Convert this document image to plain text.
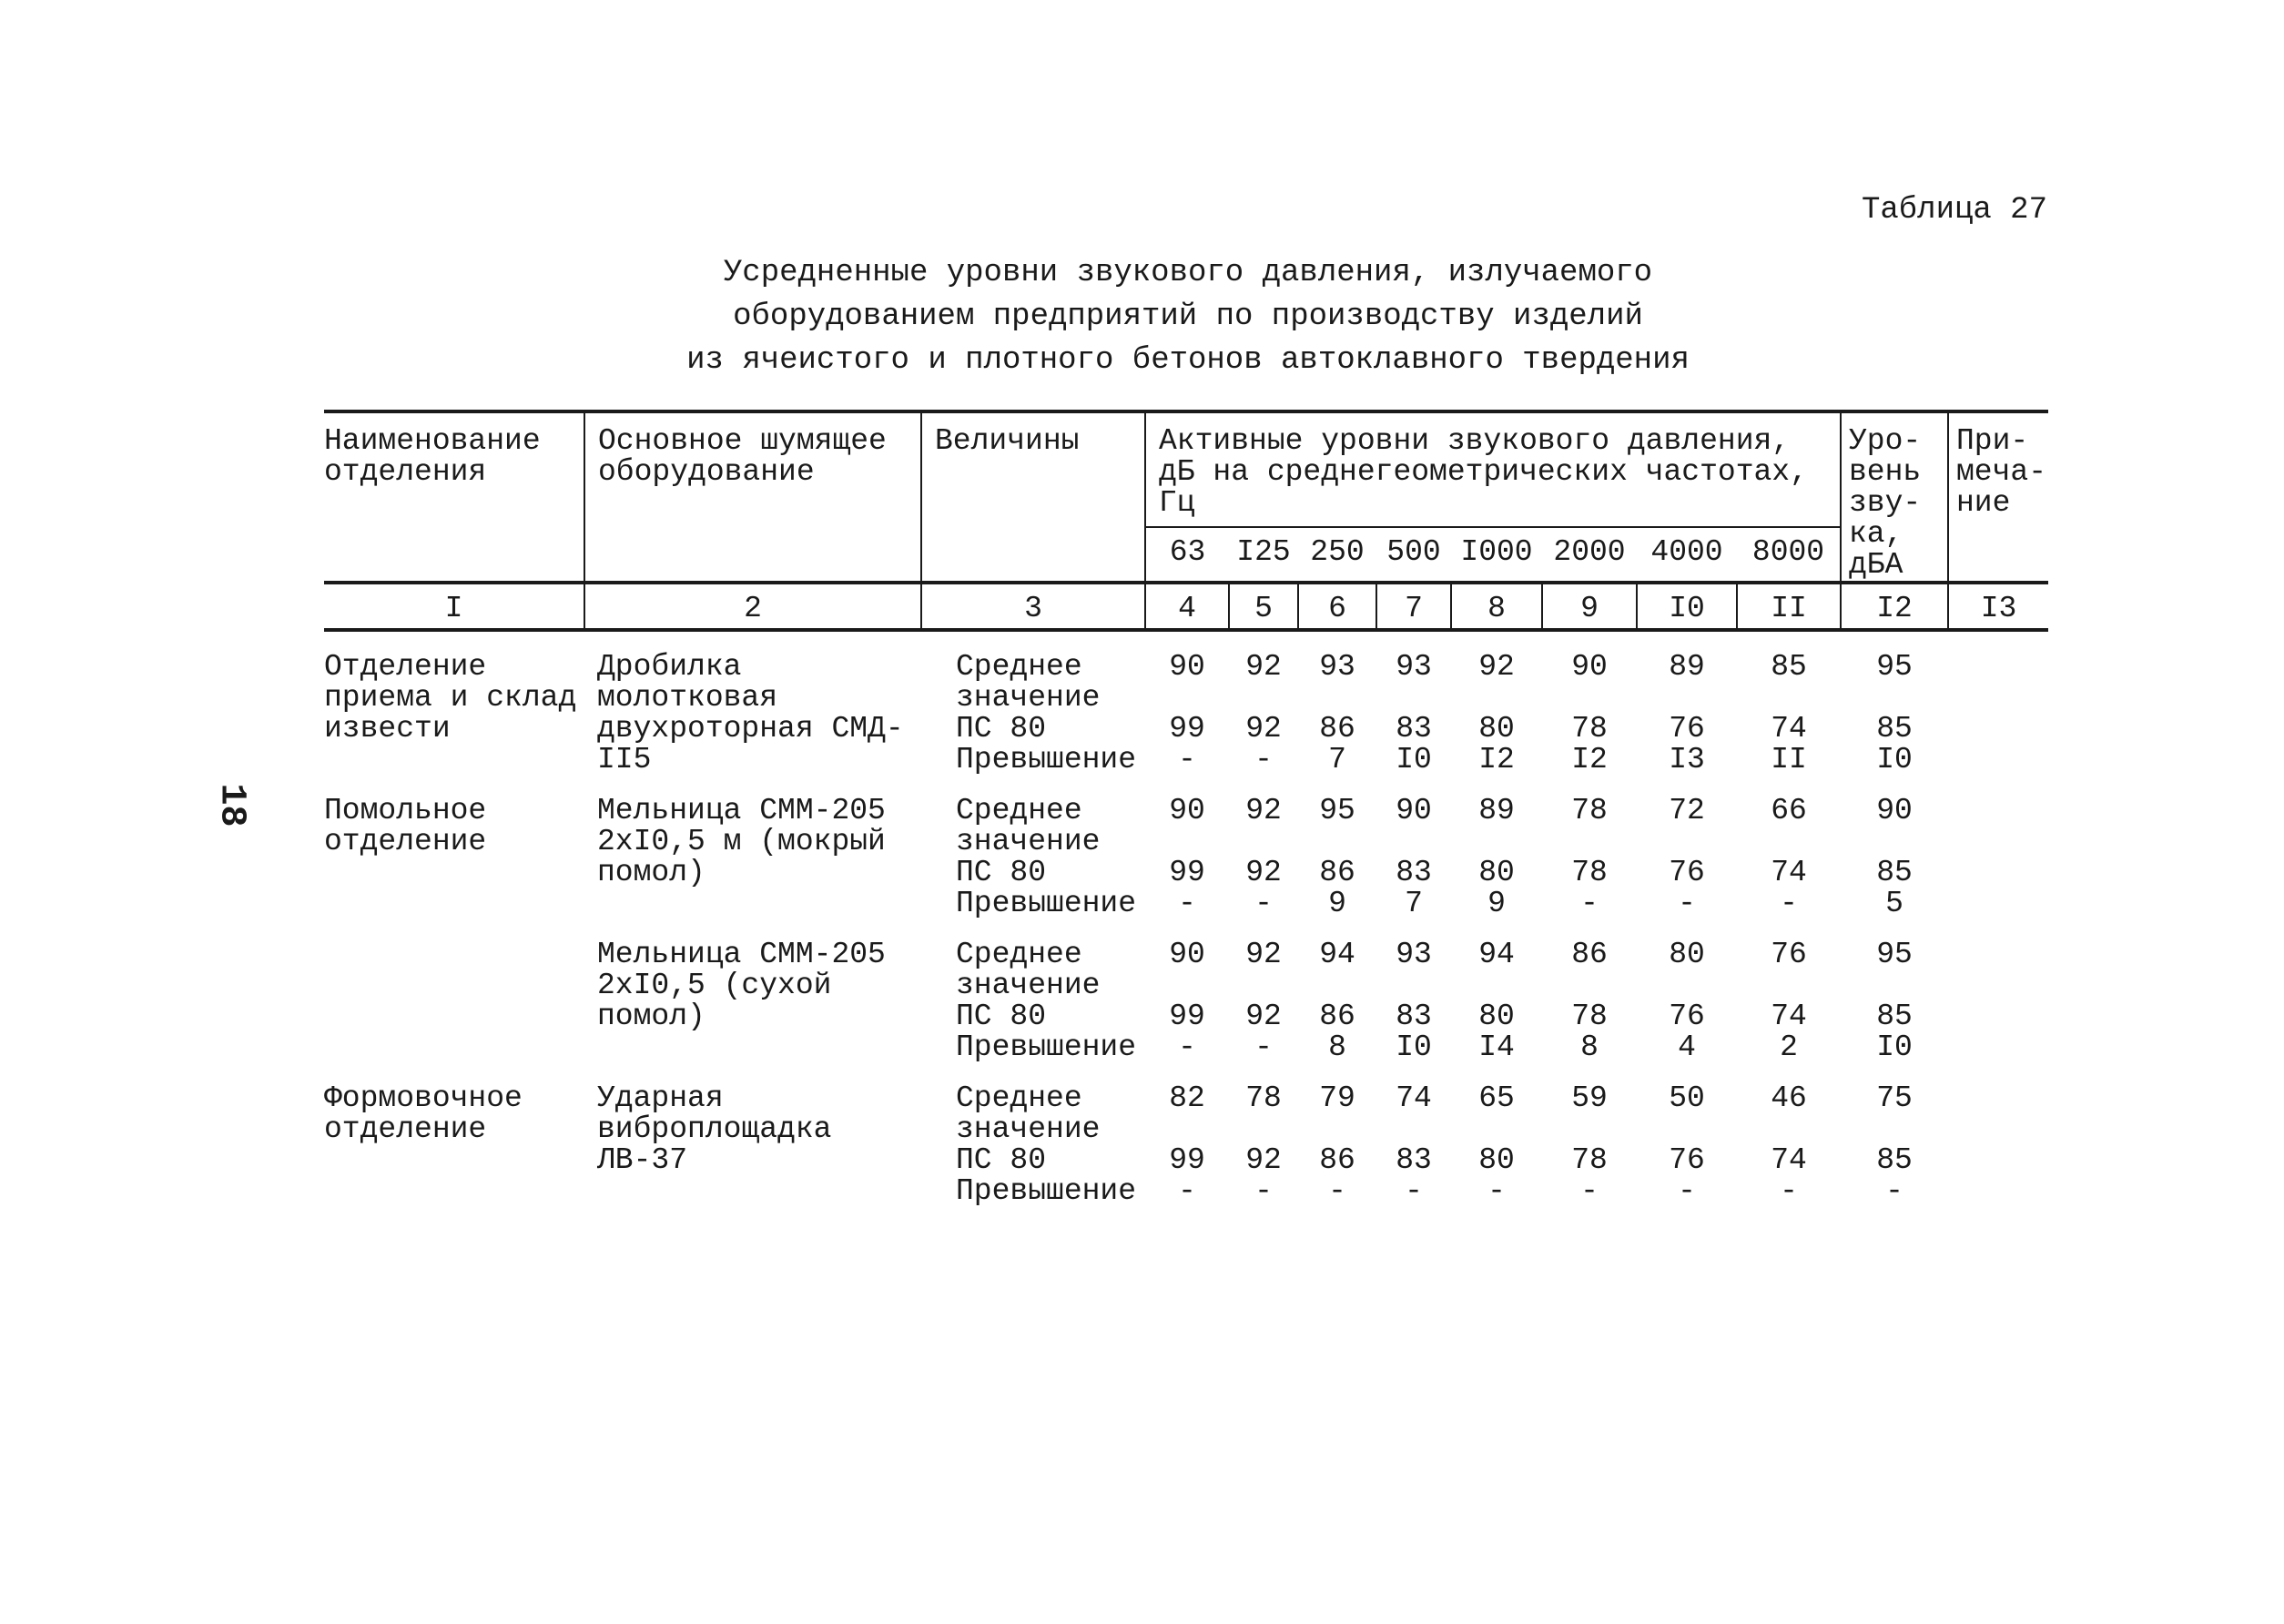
18
Таблица 27
Усредненные уровни звукового давления, излучаемого
оборудованием предприятий по производству изделий
из ячеистого и плотного бетонов автоклавного твердения
Наименование отделения	Основное шумящее оборудование	Величины	Активные уровни звукового давления, дБ на среднегеометрических частотах, Гц								Уро-вень зву-ка, дБА	При-меча-ние
			63	I25	250	500	I000	2000	4000	8000		
I	2	3	4	5	6	7	8	9	I0	II	I2	I3

Отделение приема и склад извести	Дробилка молотковая двухроторная СМД-II5	Среднее значение	90	92	93	93	92	90	89	85	95	
		ПС 80	99	92	86	83	80	78	76	74	85	
		Превышение	-	-	7	I0	I2	I2	I3	II	I0	

Помольное отделение	Мельница СММ-205 2хI0,5 м (мокрый помол)	Среднее значение	90	92	95	90	89	78	72	66	90	
		ПС 80	99	92	86	83	80	78	76	74	85	
		Превышение	-	-	9	7	9	-	-	-	5	

	Мельница СММ-205 2хI0,5 (сухой помол)	Среднее значение	90	92	94	93	94	86	80	76	95	
		ПС 80	99	92	86	83	80	78	76	74	85	
		Превышение	-	-	8	I0	I4	8	4	2	I0	

Формовочное отделение	Ударная виброплощадка ЛВ-37	Среднее значение	82	78	79	74	65	59	50	46	75	
		ПС 80	99	92	86	83	80	78	76	74	85	
		Превышение	-	-	-	-	-	-	-	-	-	
